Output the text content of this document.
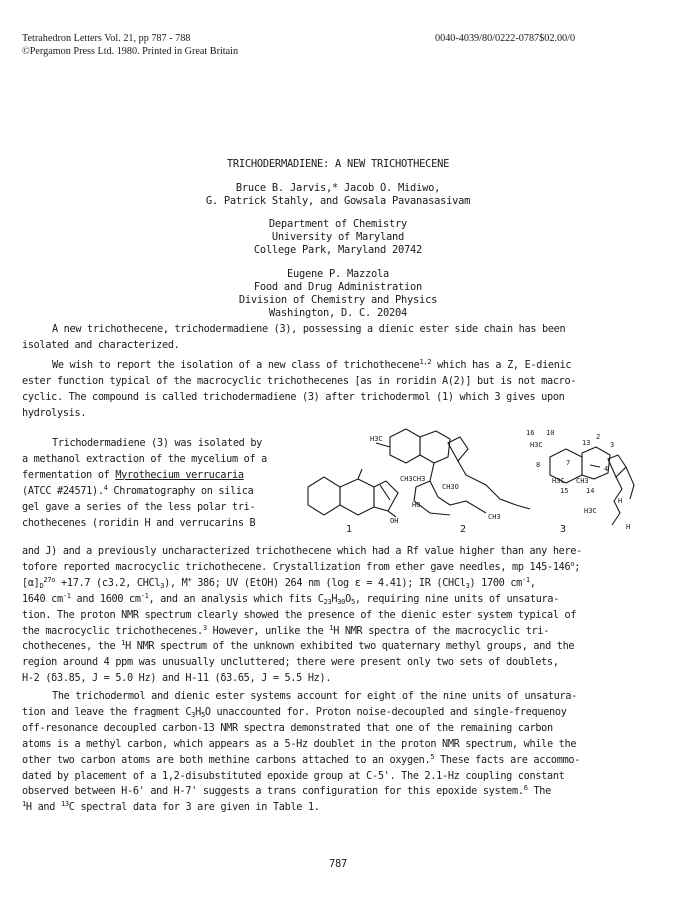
Tetrahedron Letters Vol. 21, pp 787 - 788
©Pergamon Press Ltd. 1980. Printed in Great Britain
0040-4039/80/0222-0787$02.00/0
TRICHODERMADIENE: A NEW TRICHOTHECENE
Bruce B. Jarvis,* Jacob O. Midiwo,
G. Patrick Stahly, and Gowsala Pavanasasivam
Department of Chemistry
University of Maryland
College Park, Maryland 20742
Eugene P. Mazzola
Food and Drug Administration
Division of Chemistry and Physics
Washington, D. C. 20204

A new trichothecene, trichodermadiene (3), possessing a dienic ester side chain has been

isolated and characterized.

We wish to report the isolation of a new class of trichothecene$^{1,2}$ which has a Z, E-dienic

ester function typical of the macrocyclic trichothecenes [as in roridin A(2)] but is not macro-

cyclic. The compound is called trichodermadiene (3) after trichodermol (1) which 3 gives upon

hydrolysis.

Trichodermadiene (3) was isolated by

a methanol extraction of the mycelium of a

fermentation of Myrothecium verrucaria

(ATCC #24571).$^4$ Chromatography on silica

gel gave a series of the less polar tri-

chothecenes (roridin H and verrucarins B

H3C
CH3CH3
OH
CH3O
HO
CH3
16 10
H3C	13
2
3
8	7
4
H3C CH3
15	14
H3C
H
H
1	2	3

and J) and a previously uncharacterized trichothecene which had a Rf value higher than any here-

tofore reported macrocyclic trichothecene. Crystallization from ether gave needles, mp 145-146$^o$;

$[\alpha]_D^{27o} +17.7$ (c3.2, CHCl$_3$), M+ 386; UV (EtOH) 264 nm (log ε = 4.41); IR (CHCl$_3$) 1700 $cm^{-1}$,

1640 $cm^{-1}$ and 1600 $cm^{-1}$, and an analysis which fits $C_{23}H_{30}O_5$, requiring nine units of unsatura-

tion. The proton NMR spectrum clearly showed the presence of the dienic ester system typical of

the macrocyclic trichothecenes.$^3$ However, unlike the $^1$H NMR spectra of the macrocyclic tri-

chothecenes, the $^1$H NMR spectrum of the unknown exhibited two quaternary methyl groups, and the

region around 4 ppm was unusually uncluttered; there were present only two sets of doublets,

H-2 (δ3.85, J = 5.0 Hz) and H-11 (δ3.65, J = 5.5 Hz).

The trichodermol and dienic ester systems account for eight of the nine units of unsatura-

tion and leave the fragment $C_3H_5O$ unaccounted for. Proton noise-decoupled and single-frequenoy

off-resonance decoupled carbon-13 NMR spectra demonstrated that one of the remaining carbon

atoms is a methyl carbon, which appears as a 5-Hz doublet in the proton NMR spectrum, while the

other two carbon atoms are both methine carbons attached to an oxygen.$^5$ These facts are accommo-

dated by placement of a 1,2-disubstituted epoxide group at C-5'. The 2.1-Hz coupling constant

observed between H-6' and H-7' suggests a trans configuration for this epoxide system.$^6$ The

$^1$H and $^{13}$C spectral data for 3 are given in Table 1.

787
